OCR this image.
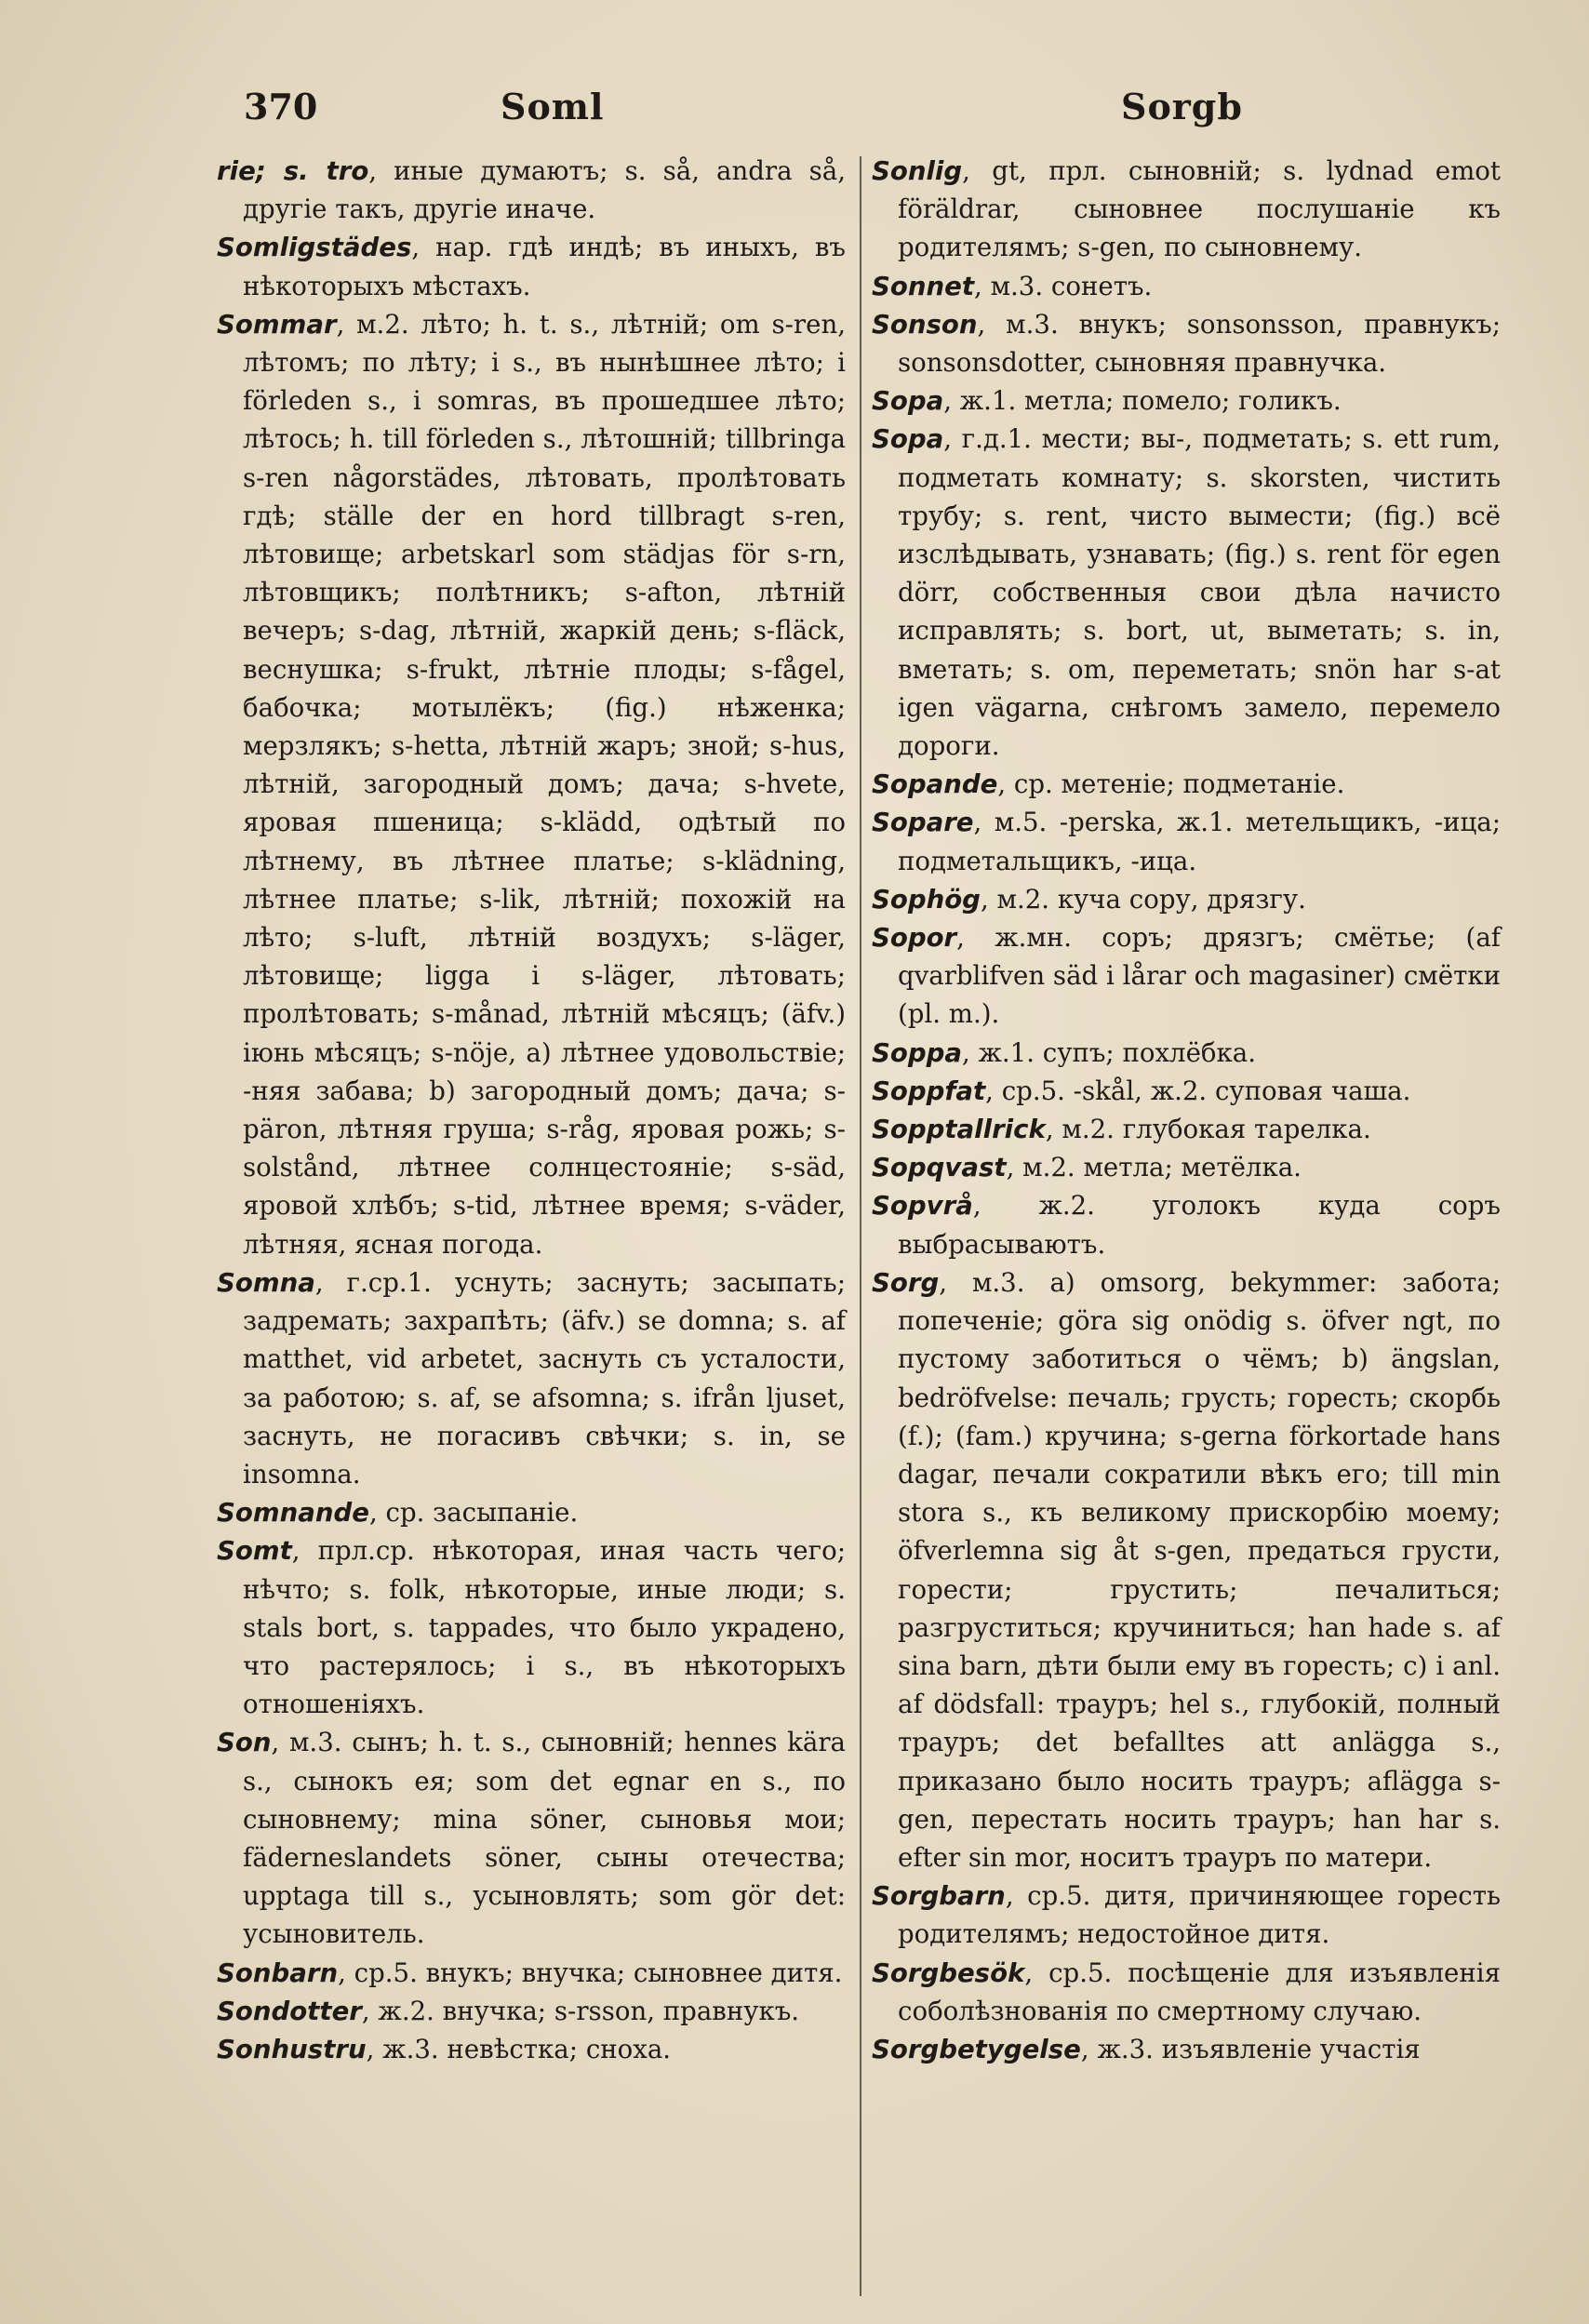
370	Soml	Sorgb

rie; s. tro, иные думаютъ; s. så, andra så, другіе такъ, другіе иначе.

Somligstädes, нар. гдѣ индѣ; въ иныхъ, въ нѣкоторыхъ мѣстахъ.

Sommar, м.2. лѣто; h. t. s., лѣтній; om s-ren, лѣтомъ; по лѣту; i s., въ нынѣшнее лѣто; i förleden s., i somras, въ прошедшее лѣто; лѣтось; h. till förleden s., лѣтошній; tillbringa s-ren någorstädes, лѣтовать, пролѣтовать гдѣ; ställe der en hord tillbragt s-ren, лѣтовище; arbetskarl som städjas för s-rn, лѣтовщикъ; полѣтникъ; s-afton, лѣтній вечеръ; s-dag, лѣтній, жаркій день; s-fläck, веснушка; s-frukt, лѣтніе плоды; s-fågel, бабочка; мотылёкъ; (fig.) нѣженка; мерзлякъ; s-hetta, лѣтній жаръ; зной; s-hus, лѣтній, загородный домъ; дача; s-hvete, яровая пшеница; s-klädd, одѣтый по лѣтнему, въ лѣтнее платье; s-klädning, лѣтнее платье; s-lik, лѣтній; похожій на лѣто; s-luft, лѣтній воздухъ; s-läger, лѣтовище; ligga i s-läger, лѣтовать; пролѣтовать; s-månad, лѣтній мѣсяцъ; (äfv.) іюнь мѣсяцъ; s-nöje, a) лѣтнее удовольствіе; -няя забава; b) загородный домъ; дача; s-päron, лѣтняя груша; s-råg, яровая рожь; s-solstånd, лѣтнее солнцестояніе; s-säd, яровой хлѣбъ; s-tid, лѣтнее время; s-väder, лѣтняя, ясная погода.

Somna, г.ср.1. уснуть; заснуть; засыпать; задремать; захрапѣть; (äfv.) se domna; s. af matthet, vid arbetet, заснуть съ усталости, за работою; s. af, se afsomna; s. ifrån ljuset, заснуть, не погасивъ свѣчки; s. in, se insomna.

Somnande, ср. засыпаніе.

Somt, прл.ср. нѣкоторая, иная часть чего; нѣчто; s. folk, нѣкоторые, иные люди; s. stals bort, s. tappades, что было украдено, что растерялось; i s., въ нѣкоторыхъ отношеніяхъ.

Son, м.3. сынъ; h. t. s., сыновній; hennes kära s., сынокъ ея; som det egnar en s., по сыновнему; mina söner, сыновья мои; fäderneslandets söner, сыны отечества; upptaga till s., усыновлять; som gör det: усыновитель.

Sonbarn, ср.5. внукъ; внучка; сыновнее дитя.

Sondotter, ж.2. внучка; s-rsson, правнукъ.

Sonhustru, ж.3. невѣстка; сноха.

Sonlig, gt, прл. сыновній; s. lydnad emot föräldrar, сыновнее послушаніе къ родителямъ; s-gen, по сыновнему.

Sonnet, м.3. сонетъ.

Sonson, м.3. внукъ; sonsonsson, правнукъ; sonsonsdotter, сыновняя правнучка.

Sopa, ж.1. метла; помело; голикъ.

Sopa, г.д.1. мести; вы-, подметать; s. ett rum, подметать комнату; s. skorsten, чистить трубу; s. rent, чисто вымести; (fig.) всё изслѣдывать, узнавать; (fig.) s. rent för egen dörr, собственныя свои дѣла начисто исправлять; s. bort, ut, выметать; s. in, вметать; s. om, переметать; snön har s-at igen vägarna, снѣгомъ замело, перемело дороги.

Sopande, ср. метеніе; подметаніе.

Sopare, м.5. -perska, ж.1. метельщикъ, -ица; подметальщикъ, -ица.

Sophög, м.2. куча сору, дрязгу.

Sopor, ж.мн. соръ; дрязгъ; смётье; (af qvarblifven säd i lårar och magasiner) смётки (pl. m.).

Soppa, ж.1. супъ; похлёбка.

Soppfat, ср.5. -skål, ж.2. суповая чаша.

Sopptallrick, м.2. глубокая тарелка.

Sopqvast, м.2. метла; метёлка.

Sopvrå, ж.2. уголокъ куда соръ выбрасываютъ.

Sorg, м.3. a) omsorg, bekymmer: забота; попеченіе; göra sig onödig s. öfver ngt, по пустому заботиться о чёмъ; b) ängslan, bedröfvelse: печаль; грусть; горесть; скорбь (f.); (fam.) кручина; s-gerna förkortade hans dagar, печали сократили вѣкъ его; till min stora s., къ великому прискорбію моему; öfverlemna sig åt s-gen, предаться грусти, горести; грустить; печалиться; разгруститься; кручиниться; han hade s. af sina barn, дѣти были ему въ горесть; c) i anl. af dödsfall: трауръ; hel s., глубокій, полный трауръ; det befalltes att anlägga s., приказано было носить трауръ; aflägga s-gen, перестать носить трауръ; han har s. efter sin mor, носитъ трауръ по матери.

Sorgbarn, ср.5. дитя, причиняющее горесть родителямъ; недостойное дитя.

Sorgbesök, ср.5. посѣщеніе для изъявленія соболѣзнованія по смертному случаю.

Sorgbetygelse, ж.3. изъявленіе участія
